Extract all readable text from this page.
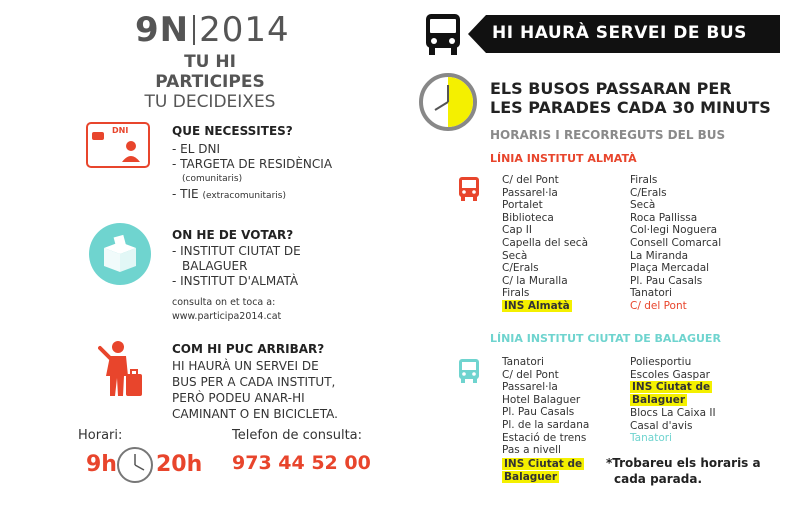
9N 2014
TU HI PARTICIPES
TU DECIDEIXES
DNI	QUE NECESSITES?
- EL DNI
- TARGETA DE RESIDÈNCIA
(comunitaris)
- TIE (extracomunitaris)
ON HE DE VOTAR?
- INSTITUT CIUTAT DE
BALAGUER
- INSTITUT D'ALMATÀ
consulta on et toca a:
www.participa2014.cat
COM HI PUC ARRIBAR?
HI HAURÀ UN SERVEI DE
BUS PER A CADA INSTITUT,
PERÒ PODEU ANAR-HI
CAMINANT O EN BICICLETA.
Horari:
9h 20h
Telefon de consulta:
973 44 52 00
HI HAURÀ SERVEI DE BUS
ELS BUSOS PASSARAN PER
LES PARADES CADA 30 MINUTS
HORARIS I RECORREGUTS DEL BUS
LÍNIA INSTITUT ALMATÀ
C/ del Pont
Passarel·la
Portalet
Biblioteca
Cap II
Capella del secà
Secà
C/Erals
C/ la Muralla
Firals
INS Almatà
Firals
C/Erals
Secà
Roca Pallissa
Col·legi Noguera
Consell Comarcal
La Miranda
Plaça Mercadal
Pl. Pau Casals
Tanatori
C/ del Pont
LÍNIA INSTITUT CIUTAT DE BALAGUER
Tanatori
C/ del Pont
Passarel·la
Hotel Balaguer
Pl. Pau Casals
Pl. de la sardana
Estació de trens
Pas a nivell
INS Ciutat de
Balaguer
Poliesportiu
Escoles Gaspar
INS Ciutat de
Balaguer
Blocs La Caixa II
Casal d'avis
Tanatori
*Trobareu els horaris a
cada parada.
